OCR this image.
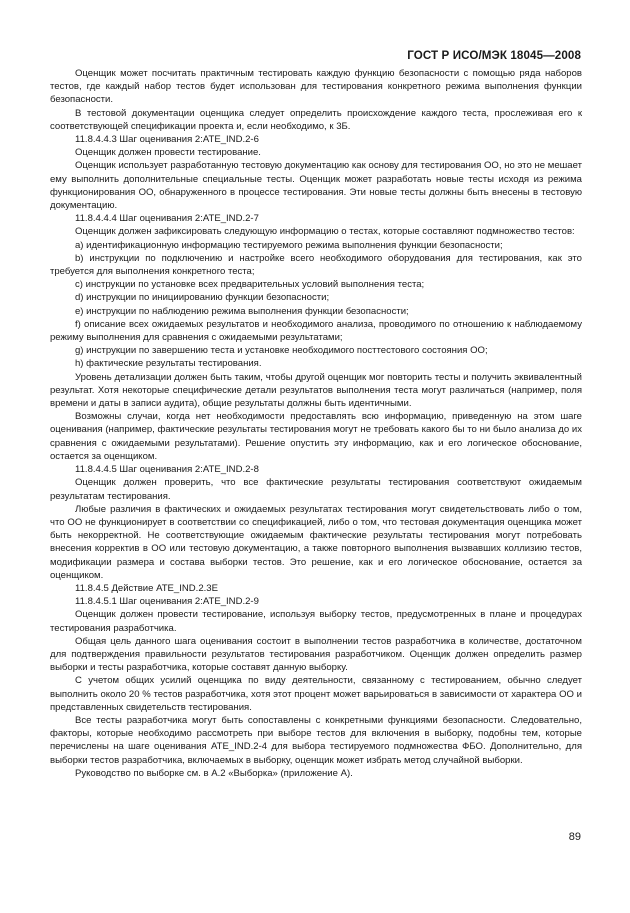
ГОСТ Р ИСО/МЭК 18045—2008

Оценщик может посчитать практичным тестировать каждую функцию безопасности с помощью ряда наборов тестов, где каждый набор тестов будет использован для тестирования конкретного режима выполнения функции безопасности.

В тестовой документации оценщика следует определить происхождение каждого теста, прослеживая его к соответствующей спецификации проекта и, если необходимо, к 3Б.

11.8.4.4.3 Шаг оценивания 2:ATE_IND.2-6

Оценщик должен провести тестирование.

Оценщик использует разработанную тестовую документацию как основу для тестирования ОО, но это не мешает ему выполнить дополнительные специальные тесты. Оценщик может разработать новые тесты исходя из режима функционирования ОО, обнаруженного в процессе тестирования. Эти новые тесты должны быть внесены в тестовую документацию.

11.8.4.4.4 Шаг оценивания 2:ATE_IND.2-7

Оценщик должен зафиксировать следующую информацию о тестах, которые составляют подмножество тестов:

a) идентификационную информацию тестируемого режима выполнения функции безопасности;

b) инструкции по подключению и настройке всего необходимого оборудования для тестирования, как это требуется для выполнения конкретного теста;

c) инструкции по установке всех предварительных условий выполнения теста;

d) инструкции по инициированию функции безопасности;

e) инструкции по наблюдению режима выполнения функции безопасности;

f) описание всех ожидаемых результатов и необходимого анализа, проводимого по отношению к наблюдаемому режиму выполнения для сравнения с ожидаемыми результатами;

g) инструкции по завершению теста и установке необходимого посттестового состояния ОО;

h) фактические результаты тестирования.

Уровень детализации должен быть таким, чтобы другой оценщик мог повторить тесты и получить эквивалентный результат. Хотя некоторые специфические детали результатов выполнения теста могут различаться (например, поля времени и даты в записи аудита), общие результаты должны быть идентичными.

Возможны случаи, когда нет необходимости предоставлять всю информацию, приведенную на этом шаге оценивания (например, фактические результаты тестирования могут не требовать какого бы то ни было анализа до их сравнения с ожидаемыми результатами). Решение опустить эту информацию, как и его логическое обоснование, остается за оценщиком.

11.8.4.4.5 Шаг оценивания 2:ATE_IND.2-8

Оценщик должен проверить, что все фактические результаты тестирования соответствуют ожидаемым результатам тестирования.

Любые различия в фактических и ожидаемых результатах тестирования могут свидетельствовать либо о том, что ОО не функционирует в соответствии со спецификацией, либо о том, что тестовая документация оценщика может быть некорректной. Не соответствующие ожидаемым фактические результаты тестирования могут потребовать внесения корректив в ОО или тестовую документацию, а также повторного выполнения вызвавших коллизию тестов, модификации размера и состава выборки тестов. Это решение, как и его логическое обоснование, остается за оценщиком.

11.8.4.5 Действие ATE_IND.2.3Е

11.8.4.5.1 Шаг оценивания 2:ATE_IND.2-9

Оценщик должен провести тестирование, используя выборку тестов, предусмотренных в плане и процедурах тестирования разработчика.

Общая цель данного шага оценивания состоит в выполнении тестов разработчика в количестве, достаточном для подтверждения правильности результатов тестирования разработчиком. Оценщик должен определить размер выборки и тесты разработчика, которые составят данную выборку.

С учетом общих усилий оценщика по виду деятельности, связанному с тестированием, обычно следует выполнить около 20 % тестов разработчика, хотя этот процент может варьироваться в зависимости от характера ОО и представленных свидетельств тестирования.

Все тесты разработчика могут быть сопоставлены с конкретными функциями безопасности. Следовательно, факторы, которые необходимо рассмотреть при выборе тестов для включения в выборку, подобны тем, которые перечислены на шаге оценивания ATE_IND.2-4 для выбора тестируемого подмножества ФБО. Дополнительно, для выборки тестов разработчика, включаемых в выборку, оценщик может избрать метод случайной выборки.

Руководство по выборке см. в А.2 «Выборка» (приложение А).

89
